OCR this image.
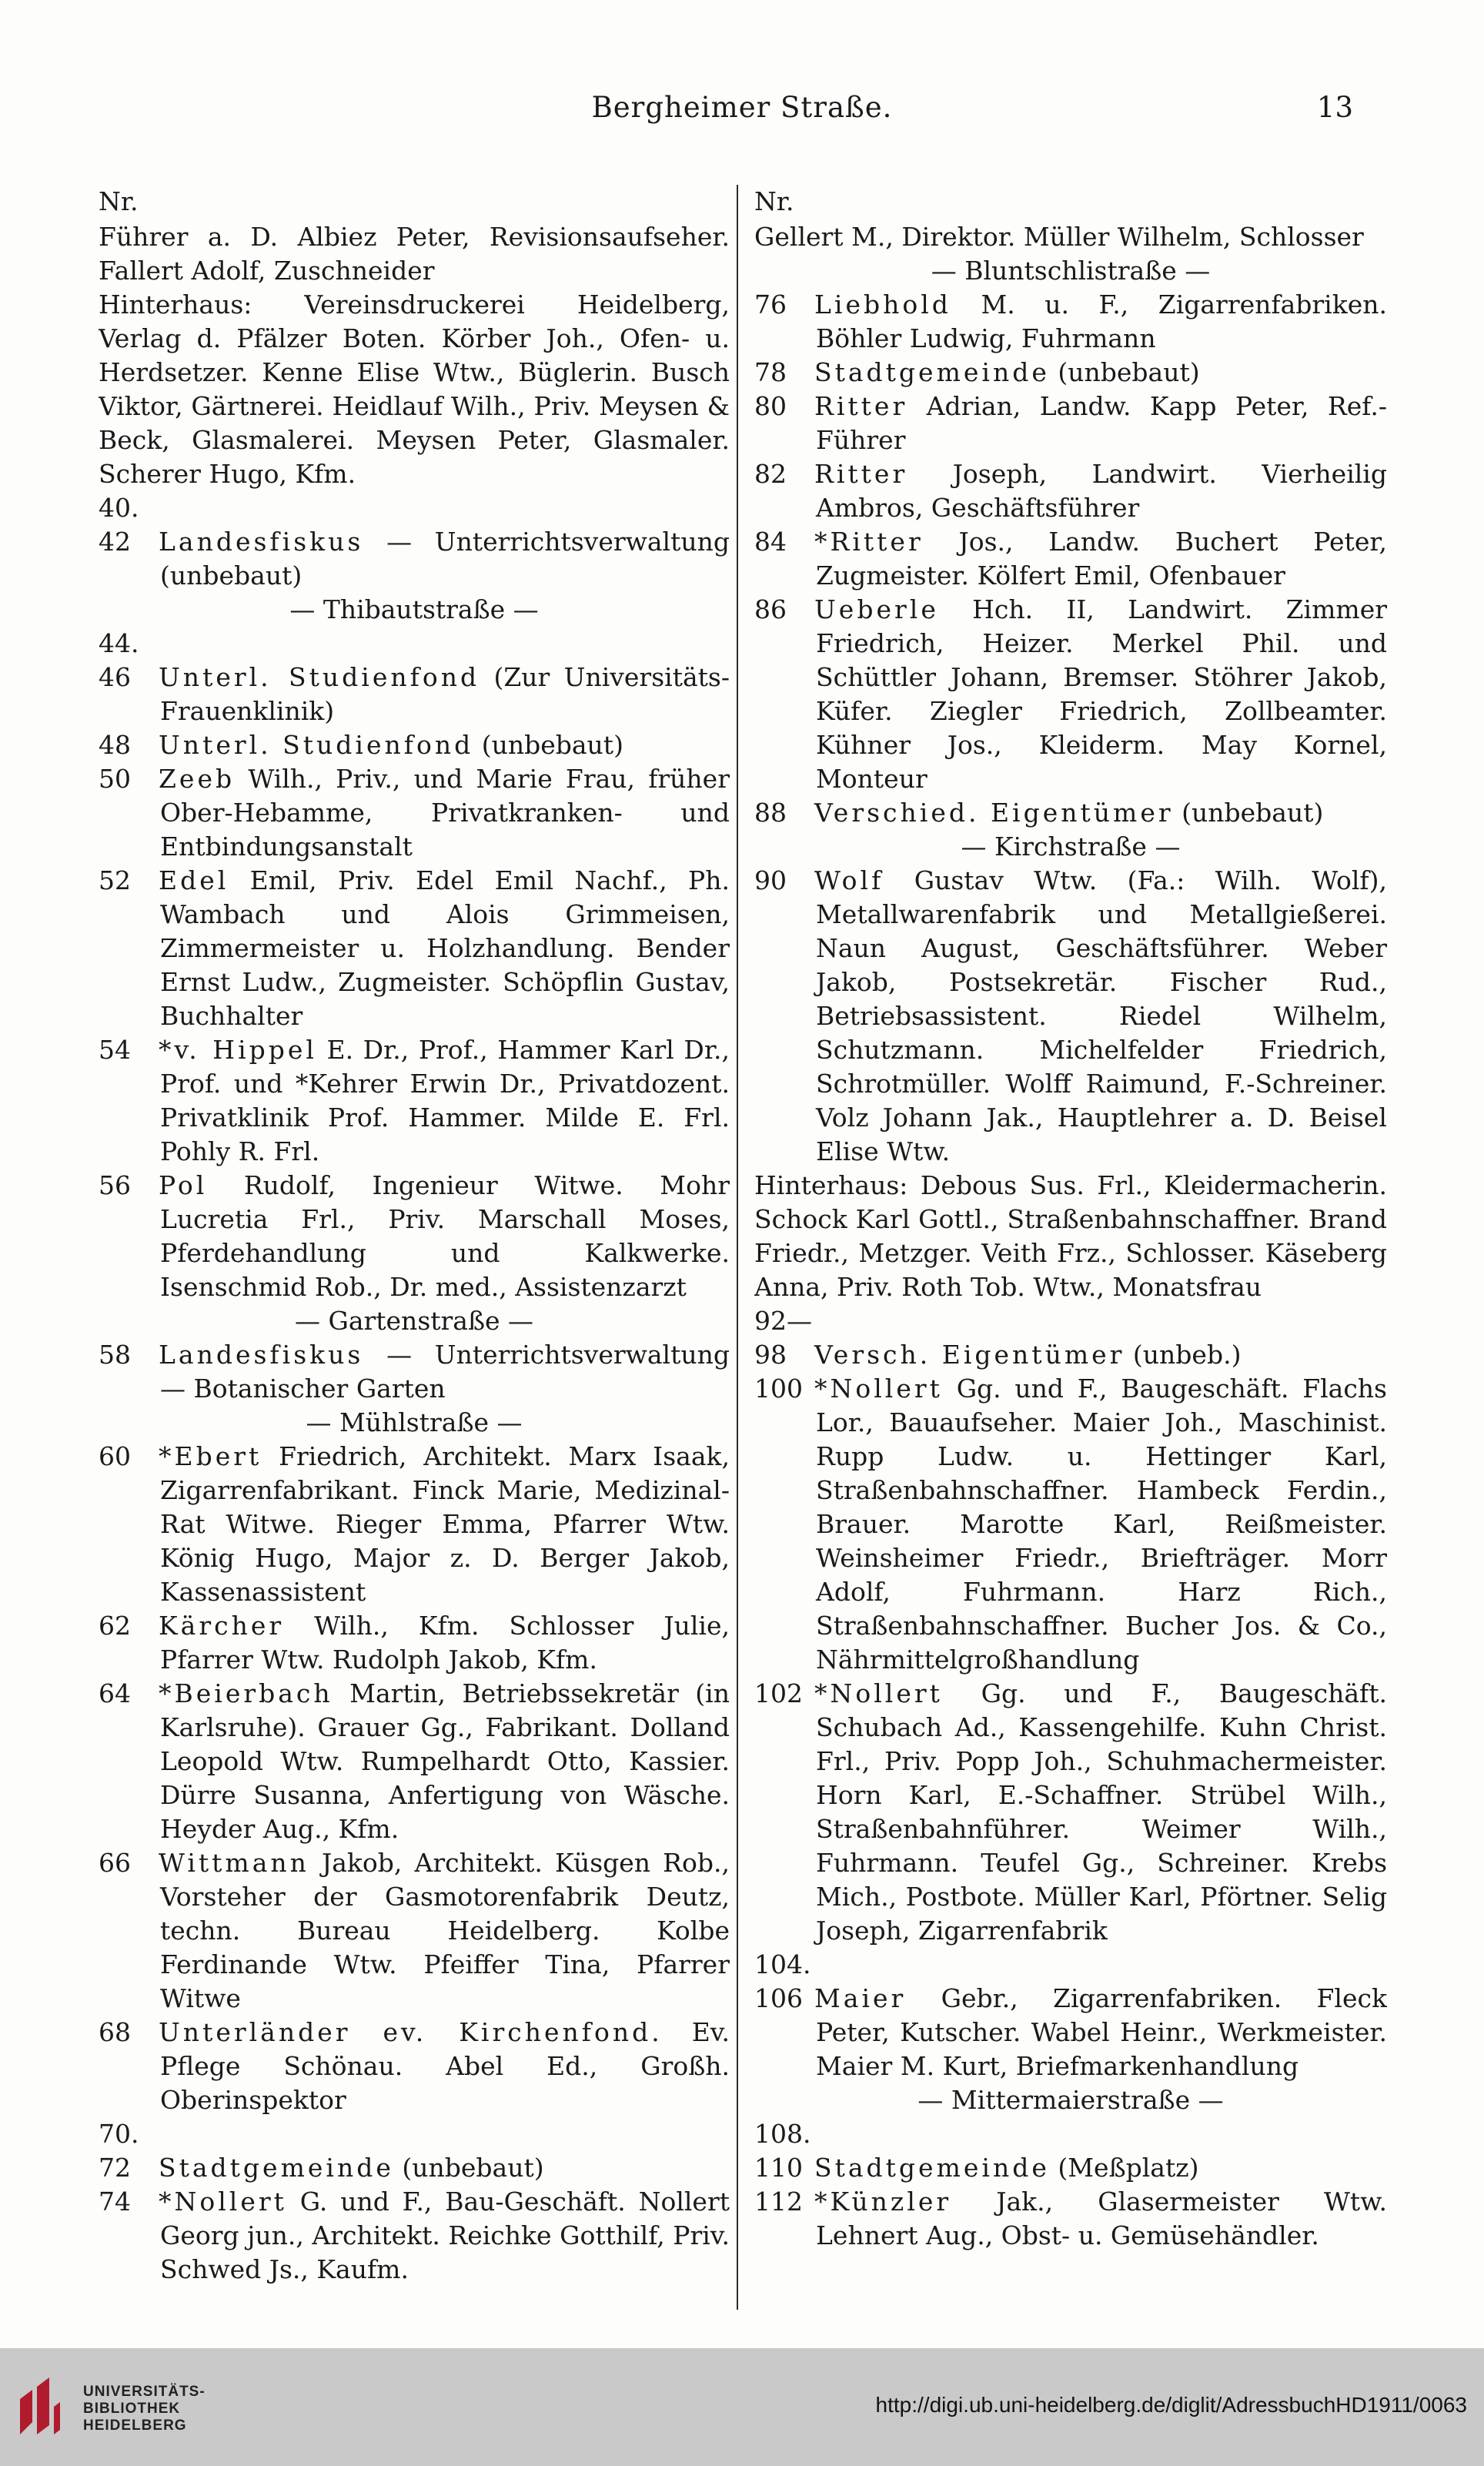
Bergheimer Straße.	13
Nr.

Führer a. D. Albiez Peter, Revisionsaufseher. Fallert Adolf, Zuschneider

Hinterhaus: Vereinsdruckerei Heidelberg, Verlag d. Pfälzer Boten. Körber Joh., Ofen- u. Herdsetzer. Kenne Elise Wtw., Büglerin. Busch Viktor, Gärtnerei. Heidlauf Wilh., Priv. Meysen & Beck, Glasmalerei. Meysen Peter, Glasmaler. Scherer Hugo, Kfm.

40. 42 Landesfiskus — Unterrichtsverwaltung (unbebaut)

— Thibautstraße —

44. 46 Unterl. Studienfond (Zur Universitäts-Frauenklinik)

48 Unterl. Studienfond (unbebaut)

50 Zeeb Wilh., Priv., und Marie Frau, früher Ober-Hebamme, Privatkranken- und Entbindungsanstalt

52 Edel Emil, Priv. Edel Emil Nachf., Ph. Wambach und Alois Grimmeisen, Zimmermeister u. Holzhandlung. Bender Ernst Ludw., Zugmeister. Schöpflin Gustav, Buchhalter

54 *v. Hippel E. Dr., Prof., Hammer Karl Dr., Prof. und *Kehrer Erwin Dr., Privatdozent. Privatklinik Prof. Hammer. Milde E. Frl. Pohly R. Frl.

56 Pol Rudolf, Ingenieur Witwe. Mohr Lucretia Frl., Priv. Marschall Moses, Pferdehandlung und Kalkwerke. Isenschmid Rob., Dr. med., Assistenzarzt

— Gartenstraße —

58 Landesfiskus — Unterrichtsverwaltung — Botanischer Garten

— Mühlstraße —

60 *Ebert Friedrich, Architekt. Marx Isaak, Zigarrenfabrikant. Finck Marie, Medizinal-Rat Witwe. Rieger Emma, Pfarrer Wtw. König Hugo, Major z. D. Berger Jakob, Kassenassistent

62 Kärcher Wilh., Kfm. Schlosser Julie, Pfarrer Wtw. Rudolph Jakob, Kfm.

64 *Beierbach Martin, Betriebssekretär (in Karlsruhe). Grauer Gg., Fabrikant. Dolland Leopold Wtw. Rumpelhardt Otto, Kassier. Dürre Susanna, Anfertigung von Wäsche. Heyder Aug., Kfm.

66 Wittmann Jakob, Architekt. Küsgen Rob., Vorsteher der Gasmotorenfabrik Deutz, techn. Bureau Heidelberg. Kolbe Ferdinande Wtw. Pfeiffer Tina, Pfarrer Witwe

68 Unterländer ev. Kirchenfond. Ev. Pflege Schönau. Abel Ed., Großh. Oberinspektor

70. 72 Stadtgemeinde (unbebaut)

74 *Nollert G. und F., Bau-Geschäft. Nollert Georg jun., Architekt. Reichke Gotthilf, Priv. Schwed Js., Kaufm.

Nr.

Gellert M., Direktor. Müller Wilhelm, Schlosser

— Bluntschlistraße —

76 Liebhold M. u. F., Zigarrenfabriken. Böhler Ludwig, Fuhrmann

78 Stadtgemeinde (unbebaut)

80 Ritter Adrian, Landw. Kapp Peter, Ref.-Führer

82 Ritter Joseph, Landwirt. Vierheilig Ambros, Geschäftsführer

84 *Ritter Jos., Landw. Buchert Peter, Zugmeister. Kölfert Emil, Ofenbauer

86 Ueberle Hch. II, Landwirt. Zimmer Friedrich, Heizer. Merkel Phil. und Schüttler Johann, Bremser. Stöhrer Jakob, Küfer. Ziegler Friedrich, Zollbeamter. Kühner Jos., Kleiderm. May Kornel, Monteur

88 Verschied. Eigentümer (unbebaut)

— Kirchstraße —

90 Wolf Gustav Wtw. (Fa.: Wilh. Wolf), Metallwarenfabrik und Metallgießerei. Naun August, Geschäftsführer. Weber Jakob, Postsekretär. Fischer Rud., Betriebsassistent. Riedel Wilhelm, Schutzmann. Michelfelder Friedrich, Schrotmüller. Wolff Raimund, F.-Schreiner. Volz Johann Jak., Hauptlehrer a. D. Beisel Elise Wtw.

Hinterhaus: Debous Sus. Frl., Kleidermacherin. Schock Karl Gottl., Straßenbahnschaffner. Brand Friedr., Metzger. Veith Frz., Schlosser. Käseberg Anna, Priv. Roth Tob. Wtw., Monatsfrau

92—98 Versch. Eigentümer (unbeb.)

100 *Nollert Gg. und F., Baugeschäft. Flachs Lor., Bauaufseher. Maier Joh., Maschinist. Rupp Ludw. u. Hettinger Karl, Straßenbahnschaffner. Hambeck Ferdin., Brauer. Marotte Karl, Reißmeister. Weinsheimer Friedr., Briefträger. Morr Adolf, Fuhrmann. Harz Rich., Straßenbahnschaffner. Bucher Jos. & Co., Nährmittelgroßhandlung

102 *Nollert Gg. und F., Baugeschäft. Schubach Ad., Kassengehilfe. Kuhn Christ. Frl., Priv. Popp Joh., Schuhmachermeister. Horn Karl, E.-Schaffner. Strübel Wilh., Straßenbahnführer. Weimer Wilh., Fuhrmann. Teufel Gg., Schreiner. Krebs Mich., Postbote. Müller Karl, Pförtner. Selig Joseph, Zigarrenfabrik

104. 106 Maier Gebr., Zigarrenfabriken. Fleck Peter, Kutscher. Wabel Heinr., Werkmeister. Maier M. Kurt, Briefmarkenhandlung

— Mittermaierstraße —

108. 110 Stadtgemeinde (Meßplatz)

112 *Künzler Jak., Glasermeister Wtw. Lehnert Aug., Obst- u. Gemüsehändler.

UNIVERSITÄTS-
BIBLIOTHEK
HEIDELBERG
http://digi.ub.uni-heidelberg.de/diglit/AdressbuchHD1911/0063
